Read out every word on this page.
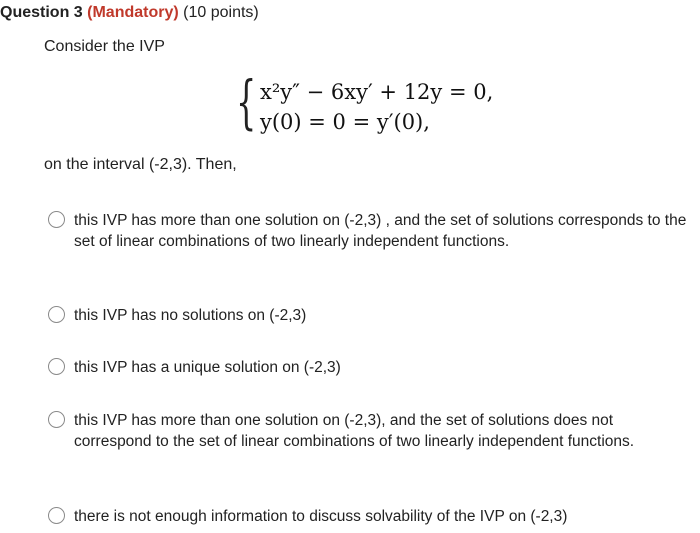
Question 3 (Mandatory) (10 points)
Consider the IVP
{ x²y″ − 6xy′ + 12y = 0,
y(0) = 0 = y′(0),
on the interval (-2,3). Then,
this IVP has more than one solution on (-2,3) , and the set of solutions corresponds to the set of linear combinations of two linearly independent functions.
this IVP has no solutions on (-2,3)
this IVP has a unique solution on (-2,3)
this IVP has more than one solution on (-2,3), and the set of solutions does not correspond to the set of linear combinations of two linearly independent functions.
there is not enough information to discuss solvability of the IVP on (-2,3)
